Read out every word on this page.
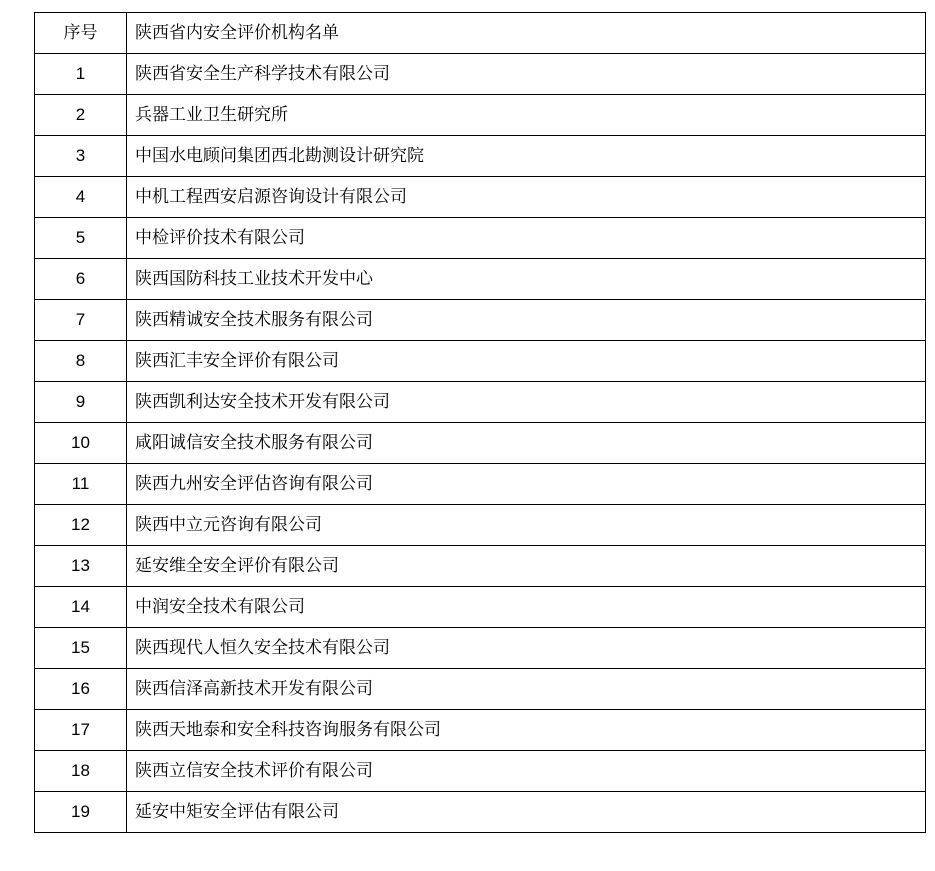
序号	陕西省内安全评价机构名单
1	陕西省安全生产科学技术有限公司
2	兵器工业卫生研究所
3	中国水电顾问集团西北勘测设计研究院
4	中机工程西安启源咨询设计有限公司
5	中检评价技术有限公司
6	陕西国防科技工业技术开发中心
7	陕西精诚安全技术服务有限公司
8	陕西汇丰安全评价有限公司
9	陕西凯利达安全技术开发有限公司
10	咸阳诚信安全技术服务有限公司
11	陕西九州安全评估咨询有限公司
12	陕西中立元咨询有限公司
13	延安维全安全评价有限公司
14	中润安全技术有限公司
15	陕西现代人恒久安全技术有限公司
16	陕西信泽高新技术开发有限公司
17	陕西天地泰和安全科技咨询服务有限公司
18	陕西立信安全技术评价有限公司
19	延安中矩安全评估有限公司
